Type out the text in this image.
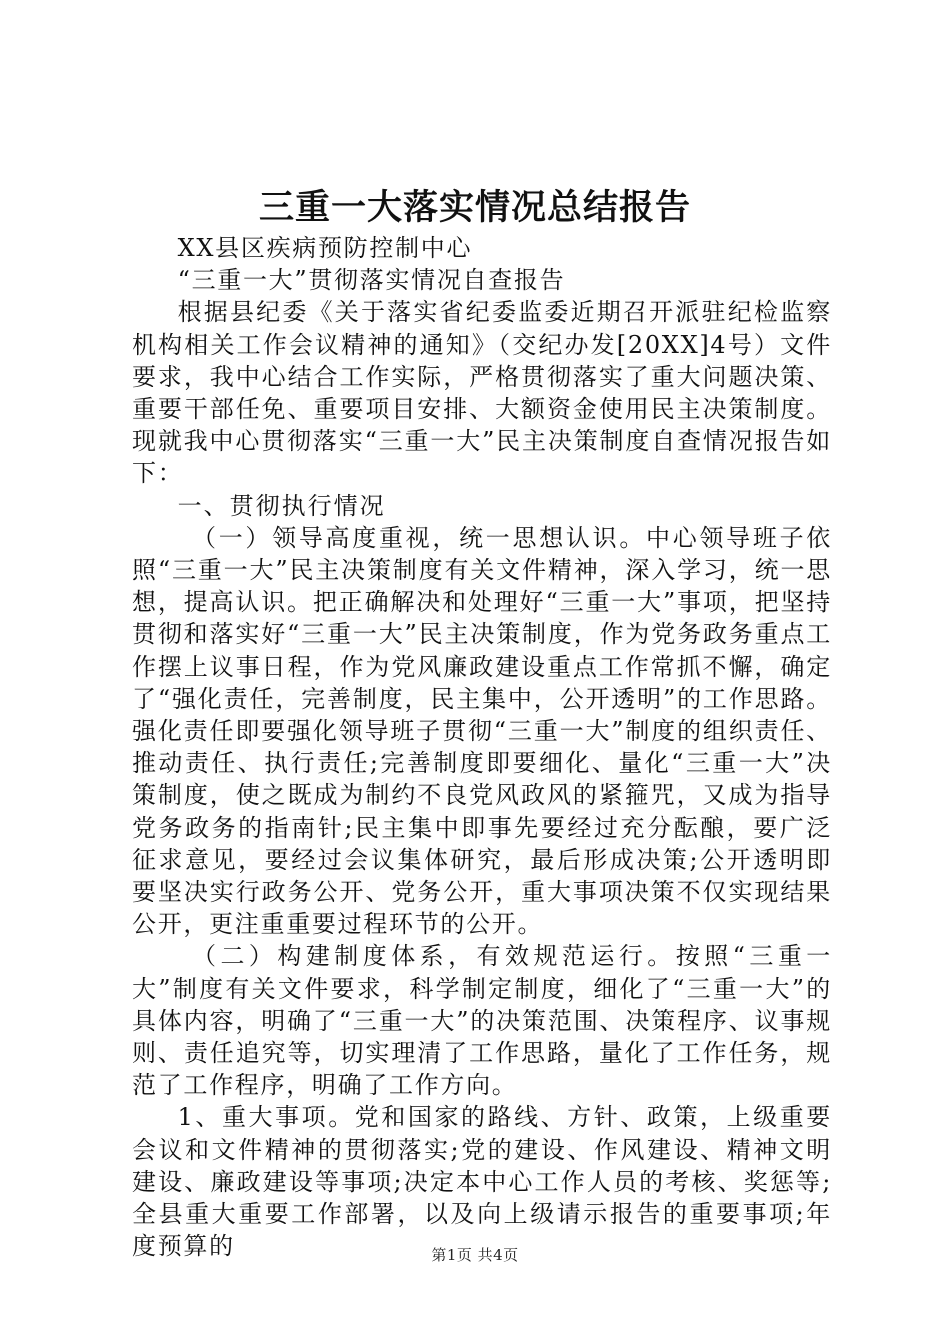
三重一大落实情况总结报告

XX县区疾病预防控制中心

“三重一大”贯彻落实情况自查报告

根据县纪委《关于落实省纪委监委近期召开派驻纪检监察机构相关工作会议精神的通知》（交纪办发[20XX]4号）文件要求，我中心结合工作实际，严格贯彻落实了重大问题决策、重要干部任免、重要项目安排、大额资金使用民主决策制度。现就我中心贯彻落实“三重一大”民主决策制度自查情况报告如下：

一、贯彻执行情况

（一）领导高度重视，统一思想认识。中心领导班子依照“三重一大”民主决策制度有关文件精神，深入学习，统一思想，提高认识。把正确解决和处理好“三重一大”事项，把坚持贯彻和落实好“三重一大”民主决策制度，作为党务政务重点工作摆上议事日程，作为党风廉政建设重点工作常抓不懈，确定了“强化责任，完善制度，民主集中，公开透明”的工作思路。强化责任即要强化领导班子贯彻“三重一大”制度的组织责任、推动责任、执行责任;完善制度即要细化、量化“三重一大”决策制度，使之既成为制约不良党风政风的紧箍咒，又成为指导党务政务的指南针;民主集中即事先要经过充分酝酿，要广泛征求意见，要经过会议集体研究，最后形成决策;公开透明即要坚决实行政务公开、党务公开，重大事项决策不仅实现结果公开，更注重重要过程环节的公开。

（二）构建制度体系，有效规范运行。按照“三重一大”制度有关文件要求，科学制定制度，细化了“三重一大”的具体内容，明确了“三重一大”的决策范围、决策程序、议事规则、责任追究等，切实理清了工作思路，量化了工作任务，规范了工作程序，明确了工作方向。

1、重大事项。党和国家的路线、方针、政策，上级重要会议和文件精神的贯彻落实;党的建设、作风建设、精神文明建设、廉政建设等事项;决定本中心工作人员的考核、奖惩等;全县重大重要工作部署，以及向上级请示报告的重要事项;年度预算的	第1页 共4页
